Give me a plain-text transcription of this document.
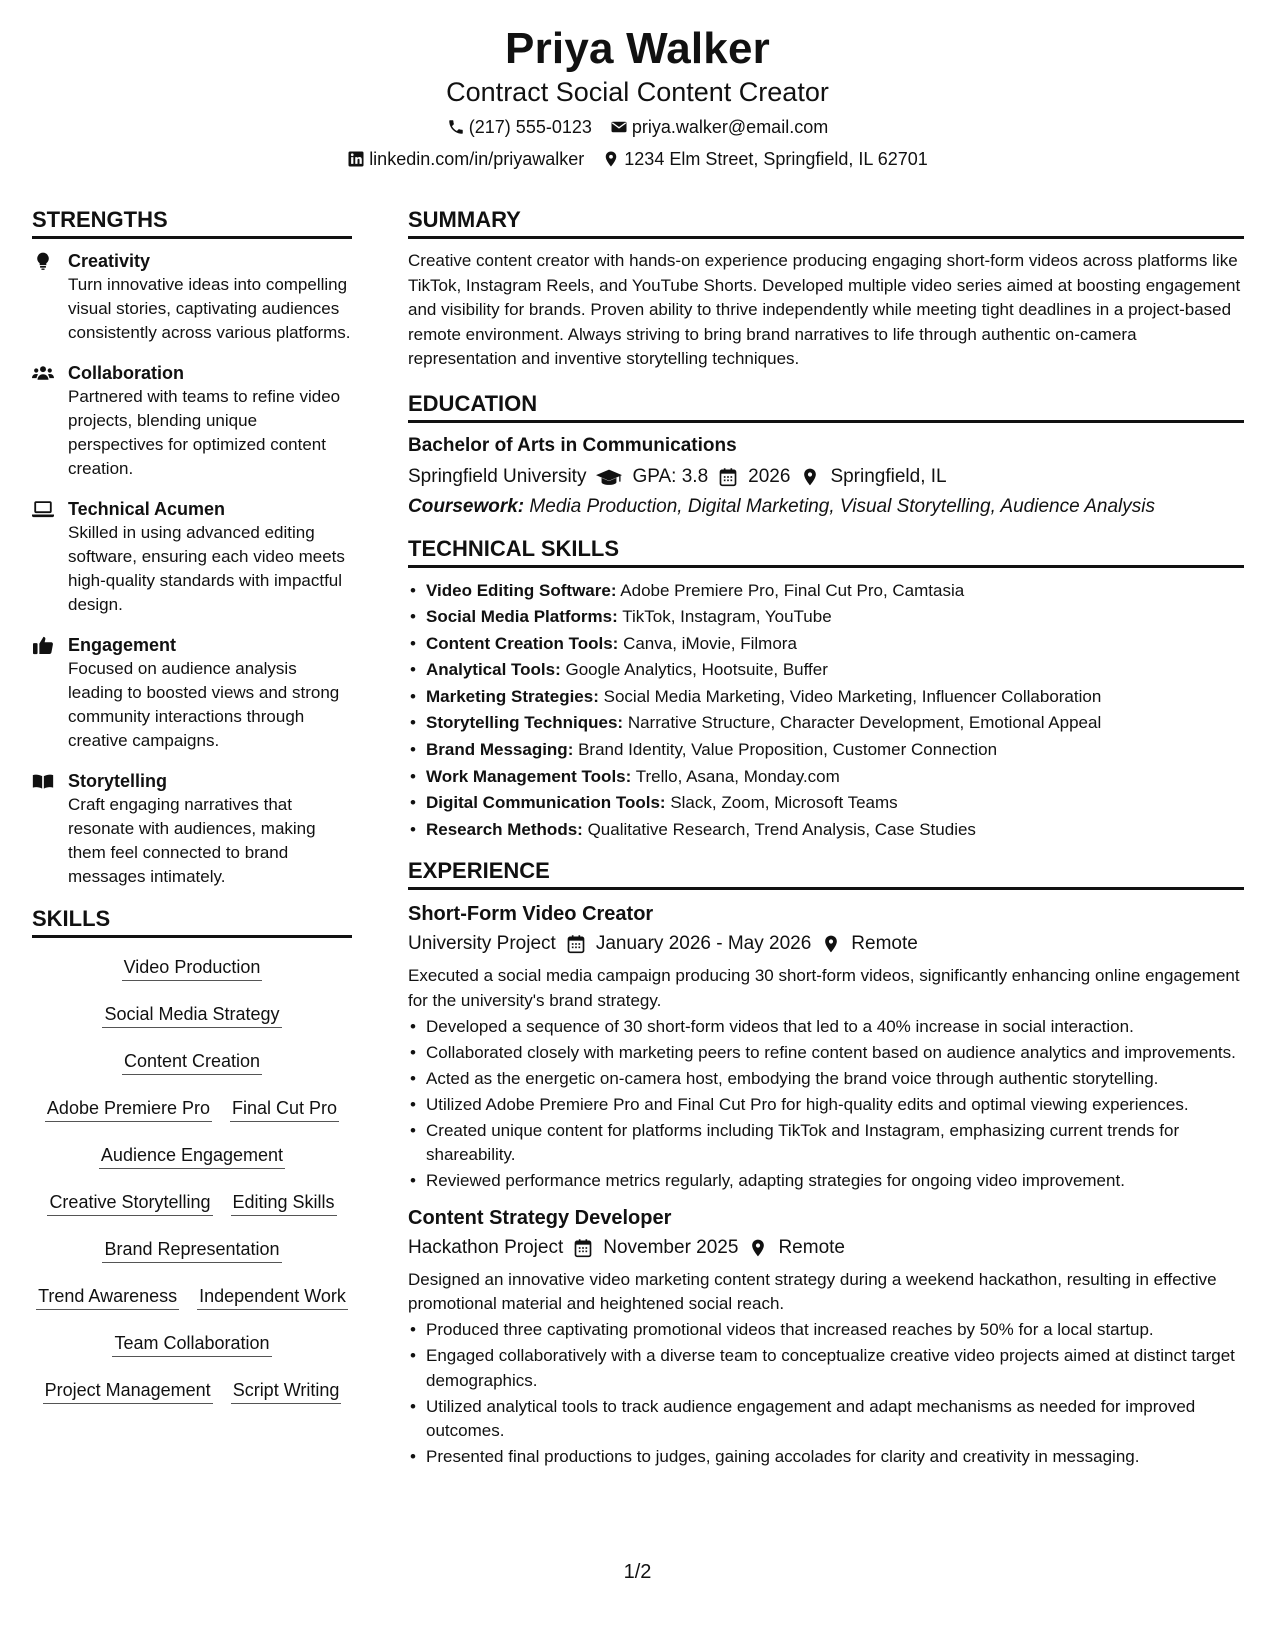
Priya Walker
Contract Social Content Creator
(217) 555-0123 priya.walker@email.com
linkedin.com/in/priyawalker 1234 Elm Street, Springfield, IL 62701
STRENGTHS
Creativity
Turn innovative ideas into compelling visual stories, captivating audiences consistently across various platforms.
Collaboration
Partnered with teams to refine video projects, blending unique perspectives for optimized content creation.
Technical Acumen
Skilled in using advanced editing software, ensuring each video meets high-quality standards with impactful design.
Engagement
Focused on audience analysis leading to boosted views and strong community interactions through creative campaigns.
Storytelling
Craft engaging narratives that resonate with audiences, making them feel connected to brand messages intimately.
SKILLS
Video Production
Social Media Strategy
Content Creation
Adobe Premiere Pro Final Cut Pro
Audience Engagement
Creative Storytelling Editing Skills
Brand Representation
Trend Awareness Independent Work
Team Collaboration
Project Management Script Writing
SUMMARY
Creative content creator with hands-on experience producing engaging short-form videos across platforms like TikTok, Instagram Reels, and YouTube Shorts. Developed multiple video series aimed at boosting engagement and visibility for brands. Proven ability to thrive independently while meeting tight deadlines in a project-based remote environment. Always striving to bring brand narratives to life through authentic on-camera representation and inventive storytelling techniques.
EDUCATION
Bachelor of Arts in Communications
Springfield University GPA: 3.8 2026 Springfield, IL
Coursework: Media Production, Digital Marketing, Visual Storytelling, Audience Analysis
TECHNICAL SKILLS
• Video Editing Software: Adobe Premiere Pro, Final Cut Pro, Camtasia
• Social Media Platforms: TikTok, Instagram, YouTube
• Content Creation Tools: Canva, iMovie, Filmora
• Analytical Tools: Google Analytics, Hootsuite, Buffer
• Marketing Strategies: Social Media Marketing, Video Marketing, Influencer Collaboration
• Storytelling Techniques: Narrative Structure, Character Development, Emotional Appeal
• Brand Messaging: Brand Identity, Value Proposition, Customer Connection
• Work Management Tools: Trello, Asana, Monday.com
• Digital Communication Tools: Slack, Zoom, Microsoft Teams
• Research Methods: Qualitative Research, Trend Analysis, Case Studies
EXPERIENCE
Short-Form Video Creator
University Project January 2026 - May 2026 Remote
Executed a social media campaign producing 30 short-form videos, significantly enhancing online engagement for the university's brand strategy.
• Developed a sequence of 30 short-form videos that led to a 40% increase in social interaction.
• Collaborated closely with marketing peers to refine content based on audience analytics and improvements.
• Acted as the energetic on-camera host, embodying the brand voice through authentic storytelling.
• Utilized Adobe Premiere Pro and Final Cut Pro for high-quality edits and optimal viewing experiences.
• Created unique content for platforms including TikTok and Instagram, emphasizing current trends for shareability.
• Reviewed performance metrics regularly, adapting strategies for ongoing video improvement.
Content Strategy Developer
Hackathon Project November 2025 Remote
Designed an innovative video marketing content strategy during a weekend hackathon, resulting in effective promotional material and heightened social reach.
• Produced three captivating promotional videos that increased reaches by 50% for a local startup.
• Engaged collaboratively with a diverse team to conceptualize creative video projects aimed at distinct target demographics.
• Utilized analytical tools to track audience engagement and adapt mechanisms as needed for improved outcomes.
• Presented final productions to judges, gaining accolades for clarity and creativity in messaging.
1/2
